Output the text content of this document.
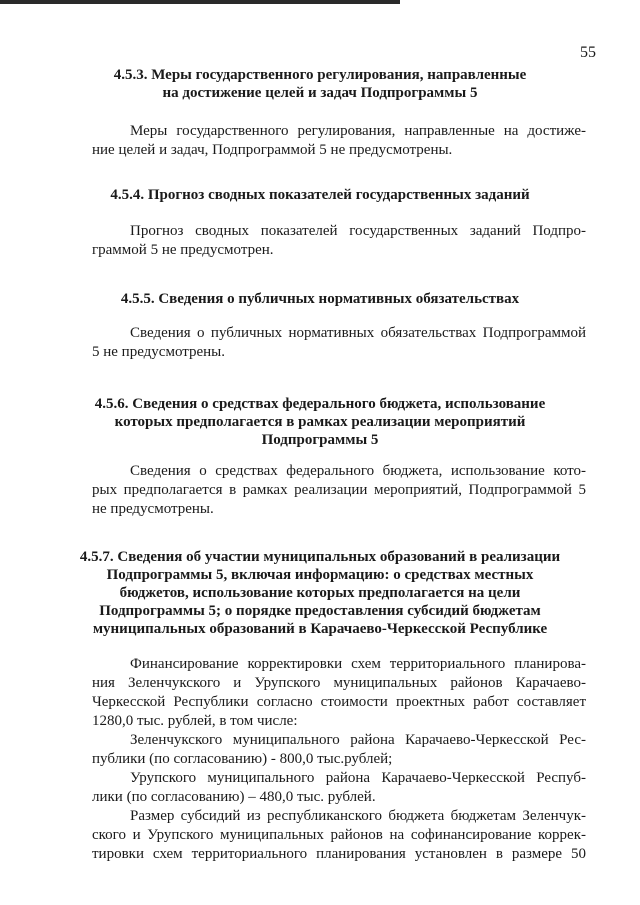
55
4.5.3. Меры государственного регулирования, направленные
на достижение целей и задач Подпрограммы 5
Меры государственного регулирования, направленные на достиже-
ние целей и задач, Подпрограммой 5 не предусмотрены.
4.5.4. Прогноз сводных показателей государственных заданий
Прогноз сводных показателей государственных заданий Подпро-
граммой 5 не предусмотрен.
4.5.5. Сведения о публичных нормативных обязательствах
Сведения о публичных нормативных обязательствах Подпрограммой
5 не предусмотрены.
4.5.6. Сведения о средствах федерального бюджета, использование
которых предполагается в рамках реализации мероприятий
Подпрограммы 5
Сведения о средствах федерального бюджета, использование кото-
рых предполагается в рамках реализации мероприятий, Подпрограммой 5
не предусмотрены.
4.5.7. Сведения об участии муниципальных образований в реализации
Подпрограммы 5, включая информацию: о средствах местных
бюджетов, использование которых предполагается на цели
Подпрограммы 5; о порядке предоставления субсидий бюджетам
муниципальных образований в Карачаево-Черкесской Республике
Финансирование корректировки схем территориального планирова-
ния Зеленчукского и Урупского муниципальных районов Карачаево-
Черкесской Республики согласно стоимости проектных работ составляет
1280,0 тыс. рублей, в том числе:
Зеленчукского муниципального района Карачаево-Черкесской Рес-
публики (по согласованию) - 800,0 тыс.рублей;
Урупского муниципального района Карачаево-Черкесской Респуб-
лики (по согласованию) – 480,0 тыс. рублей.
Размер субсидий из республиканского бюджета бюджетам Зеленчук-
ского и Урупского муниципальных районов на софинансирование коррек-
тировки схем территориального планирования установлен в размере 50
